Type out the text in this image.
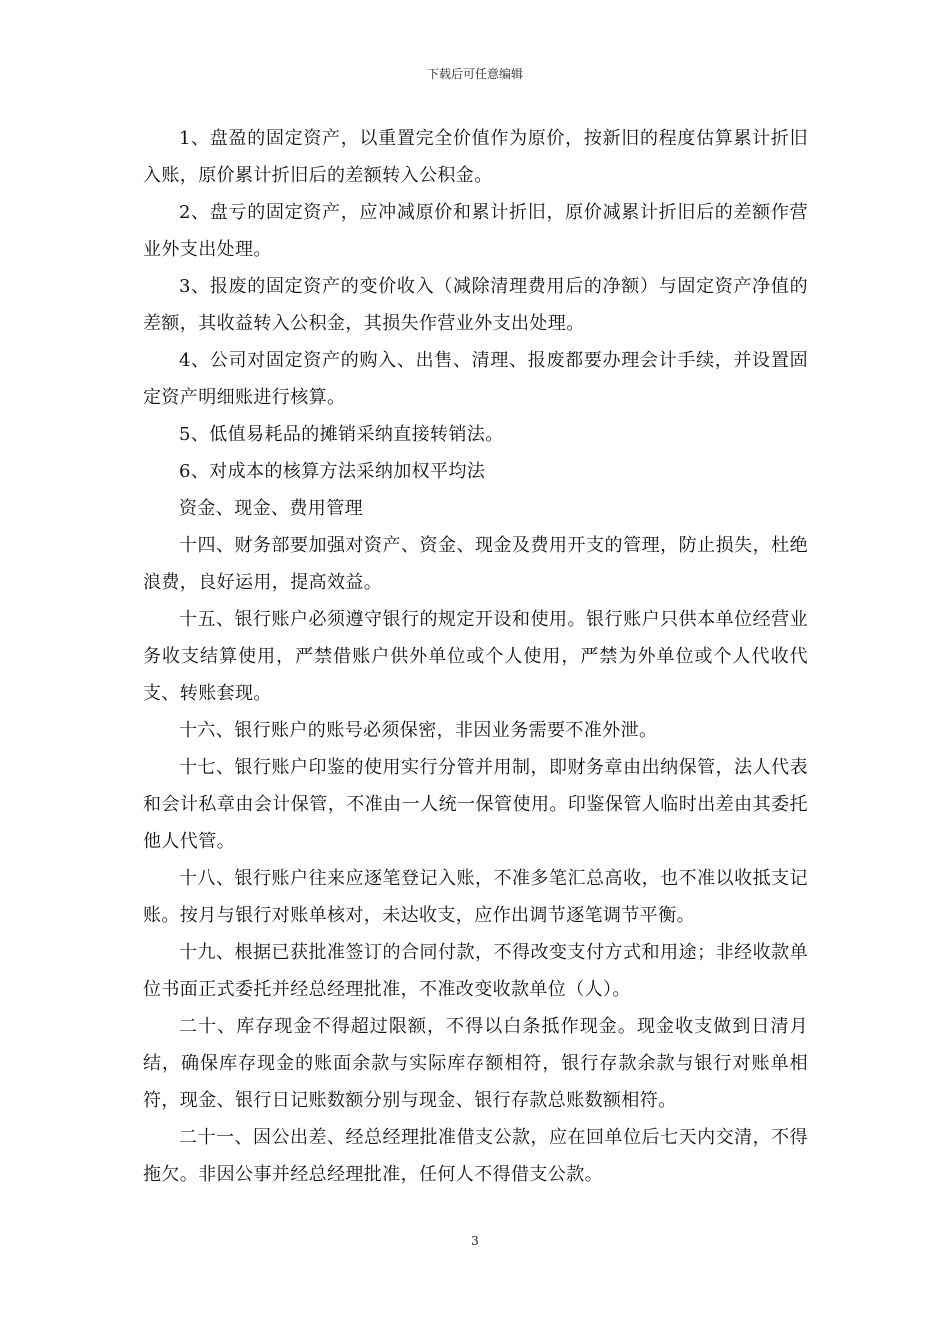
下载后可任意编辑

1、盘盈的固定资产，以重置完全价值作为原价，按新旧的程度估算累计折旧入账，原价累计折旧后的差额转入公积金。

2、盘亏的固定资产，应冲减原价和累计折旧，原价减累计折旧后的差额作营业外支出处理。

3、报废的固定资产的变价收入（减除清理费用后的净额）与固定资产净值的差额，其收益转入公积金，其损失作营业外支出处理。

4、公司对固定资产的购入、出售、清理、报废都要办理会计手续，并设置固定资产明细账进行核算。

5、低值易耗品的摊销采纳直接转销法。

6、对成本的核算方法采纳加权平均法

资金、现金、费用管理

十四、财务部要加强对资产、资金、现金及费用开支的管理，防止损失，杜绝浪费，良好运用，提高效益。

十五、银行账户必须遵守银行的规定开设和使用。银行账户只供本单位经营业务收支结算使用，严禁借账户供外单位或个人使用，严禁为外单位或个人代收代支、转账套现。

十六、银行账户的账号必须保密，非因业务需要不准外泄。

十七、银行账户印鉴的使用实行分管并用制，即财务章由出纳保管，法人代表和会计私章由会计保管，不准由一人统一保管使用。印鉴保管人临时出差由其委托他人代管。

十八、银行账户往来应逐笔登记入账，不准多笔汇总高收，也不准以收抵支记账。按月与银行对账单核对，未达收支，应作出调节逐笔调节平衡。

十九、根据已获批准签订的合同付款，不得改变支付方式和用途；非经收款单位书面正式委托并经总经理批准，不准改变收款单位（人）。

二十、库存现金不得超过限额，不得以白条抵作现金。现金收支做到日清月结，确保库存现金的账面余款与实际库存额相符，银行存款余款与银行对账单相符，现金、银行日记账数额分别与现金、银行存款总账数额相符。

二十一、因公出差、经总经理批准借支公款，应在回单位后七天内交清，不得拖欠。非因公事并经总经理批准，任何人不得借支公款。

3
